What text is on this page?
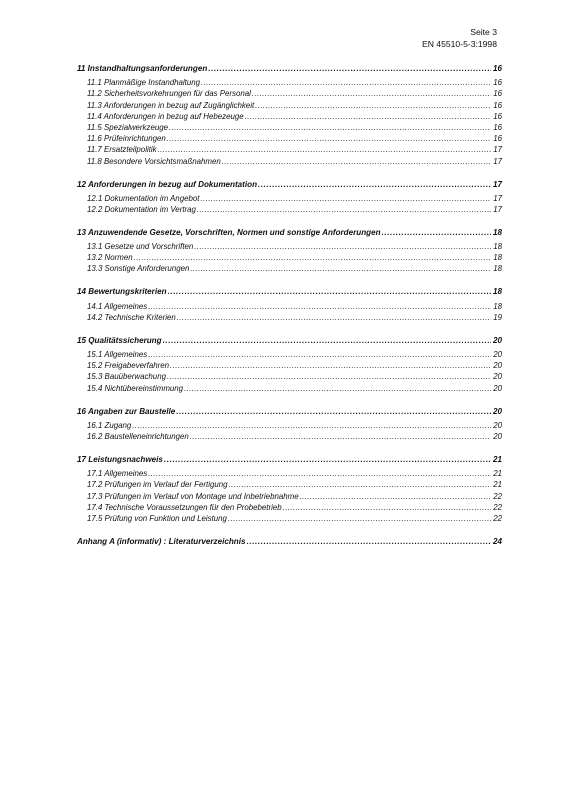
Seite 3
EN 45510-5-3:1998
11 Instandhaltungsanforderungen .....	16
11.1 Planmäßige Instandhaltung .....	16
11.2 Sicherheitsvorkehrungen für das Personal .....	16
11.3 Anforderungen in bezug auf Zugänglichkeit .....	16
11.4 Anforderungen in bezug auf Hebezeuge .....	16
11.5 Spezialwerkzeuge .....	16
11.6 Prüfeinrichtungen .....	16
11.7 Ersatzteilpolitik .....	17
11.8 Besondere Vorsichtsmaßnahmen .....	17
12 Anforderungen in bezug auf Dokumentation .....	17
12.1 Dokumentation im Angebot .....	17
12.2 Dokumentation im Vertrag .....	17
13 Anzuwendende Gesetze, Vorschriften, Normen und sonstige Anforderungen .....	18
13.1 Gesetze und Vorschriften .....	18
13.2 Normen .....	18
13.3 Sonstige Anforderungen .....	18
14 Bewertungskriterien .....	18
14.1 Allgemeines .....	18
14.2 Technische Kriterien .....	19
15 Qualitätssicherung .....	20
15.1 Allgemeines .....	20
15.2 Freigabeverfahren .....	20
15.3 Bauüberwachung .....	20
15.4 Nichtübereinstimmung .....	20
16 Angaben zur Baustelle .....	20
16.1 Zugang .....	20
16.2 Baustelleneinrichtungen .....	20
17 Leistungsnachweis .....	21
17.1 Allgemeines .....	21
17.2 Prüfungen im Verlauf der Fertigung .....	21
17.3 Prüfungen im Verlauf von Montage und Inbetriebnahme .....	22
17.4 Technische Voraussetzungen für den Probebetrieb .....	22
17.5 Prüfung von Funktion und Leistung .....	22
Anhang A (informativ) : Literaturverzeichnis .....	24
